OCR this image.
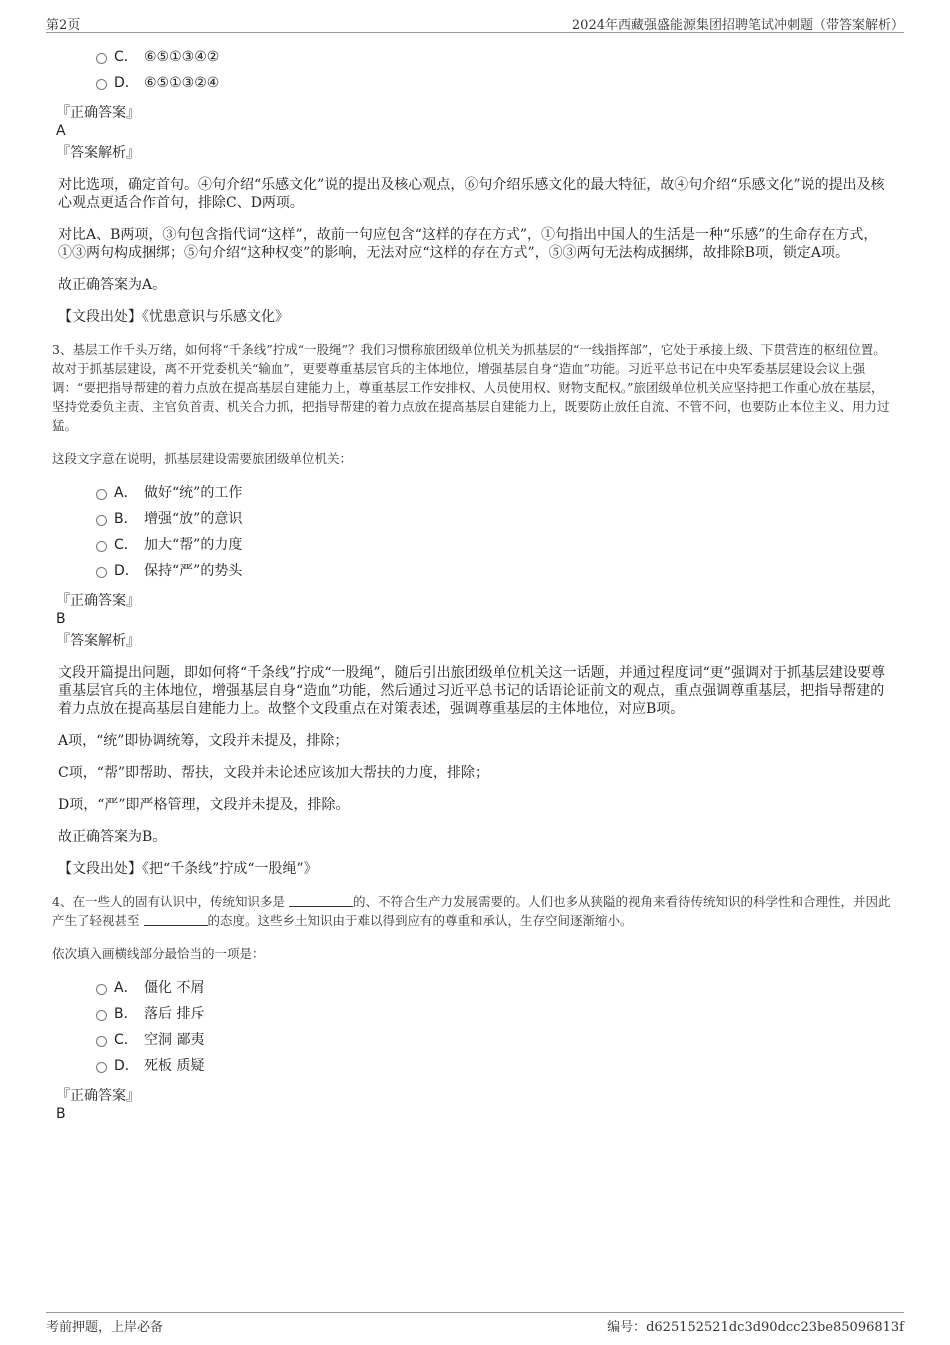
第2页	2024年西藏强盛能源集团招聘笔试冲刺题（带答案解析）
C． ⑥⑤①③④②
D． ⑥⑤①③②④

『正确答案』

A

『答案解析』

对比选项，确定首句。④句介绍“乐感文化”说的提出及核心观点，⑥句介绍乐感文化的最大特征，故④句介绍“乐感文化”说的提出及核心观点更适合作首句，排除C、D两项。

对比A、B两项，③句包含指代词“这样”，故前一句应包含“这样的存在方式”，①句指出中国人的生活是一种“乐感”的生命存在方式，①③两句构成捆绑；⑤句介绍“这种权变”的影响，无法对应“这样的存在方式”，⑤③两句无法构成捆绑，故排除B项，锁定A项。

故正确答案为A。

【文段出处】《忧患意识与乐感文化》

3、基层工作千头万绪，如何将“千条线”拧成“一股绳”？我们习惯称旅团级单位机关为抓基层的“一线指挥部”，它处于承接上级、下贯营连的枢纽位置。故对于抓基层建设，离不开党委机关“输血”，更要尊重基层官兵的主体地位，增强基层自身“造血”功能。习近平总书记在中央军委基层建设会议上强调：“要把指导帮建的着力点放在提高基层自建能力上，尊重基层工作安排权、人员使用权、财物支配权。”旅团级单位机关应坚持把工作重心放在基层，坚持党委负主责、主官负首责、机关合力抓，把指导帮建的着力点放在提高基层自建能力上，既要防止放任自流、不管不问，也要防止本位主义、用力过猛。

这段文字意在说明，抓基层建设需要旅团级单位机关：

A． 做好“统”的工作
B． 增强“放”的意识
C． 加大“帮”的力度
D． 保持“严”的势头

『正确答案』

B

『答案解析』

文段开篇提出问题，即如何将“千条线”拧成“一股绳”，随后引出旅团级单位机关这一话题，并通过程度词“更”强调对于抓基层建设要尊重基层官兵的主体地位，增强基层自身“造血”功能，然后通过习近平总书记的话语论证前文的观点，重点强调尊重基层，把指导帮建的着力点放在提高基层自建能力上。故整个文段重点在对策表述，强调尊重基层的主体地位，对应B项。

A项，“统”即协调统筹，文段并未提及，排除；

C项，“帮”即帮助、帮扶，文段并未论述应该加大帮扶的力度，排除；

D项，“严”即严格管理，文段并未提及，排除。

故正确答案为B。

【文段出处】《把“千条线”拧成“一股绳”》

4、在一些人的固有认识中，传统知识多是	的、不符合生产力发展需要的。人们也多从狭隘的视角来看待传统知识的科学性和合理性，并因此产生了轻视甚至	的态度。这些乡土知识由于难以得到应有的尊重和承认，生存空间逐渐缩小。

依次填入画横线部分最恰当的一项是：

A． 僵化 不屑
B． 落后 排斥
C． 空洞 鄙夷
D． 死板 质疑

『正确答案』

B

考前押题，上岸必备	编号：d625152521dc3d90dcc23be85096813f
